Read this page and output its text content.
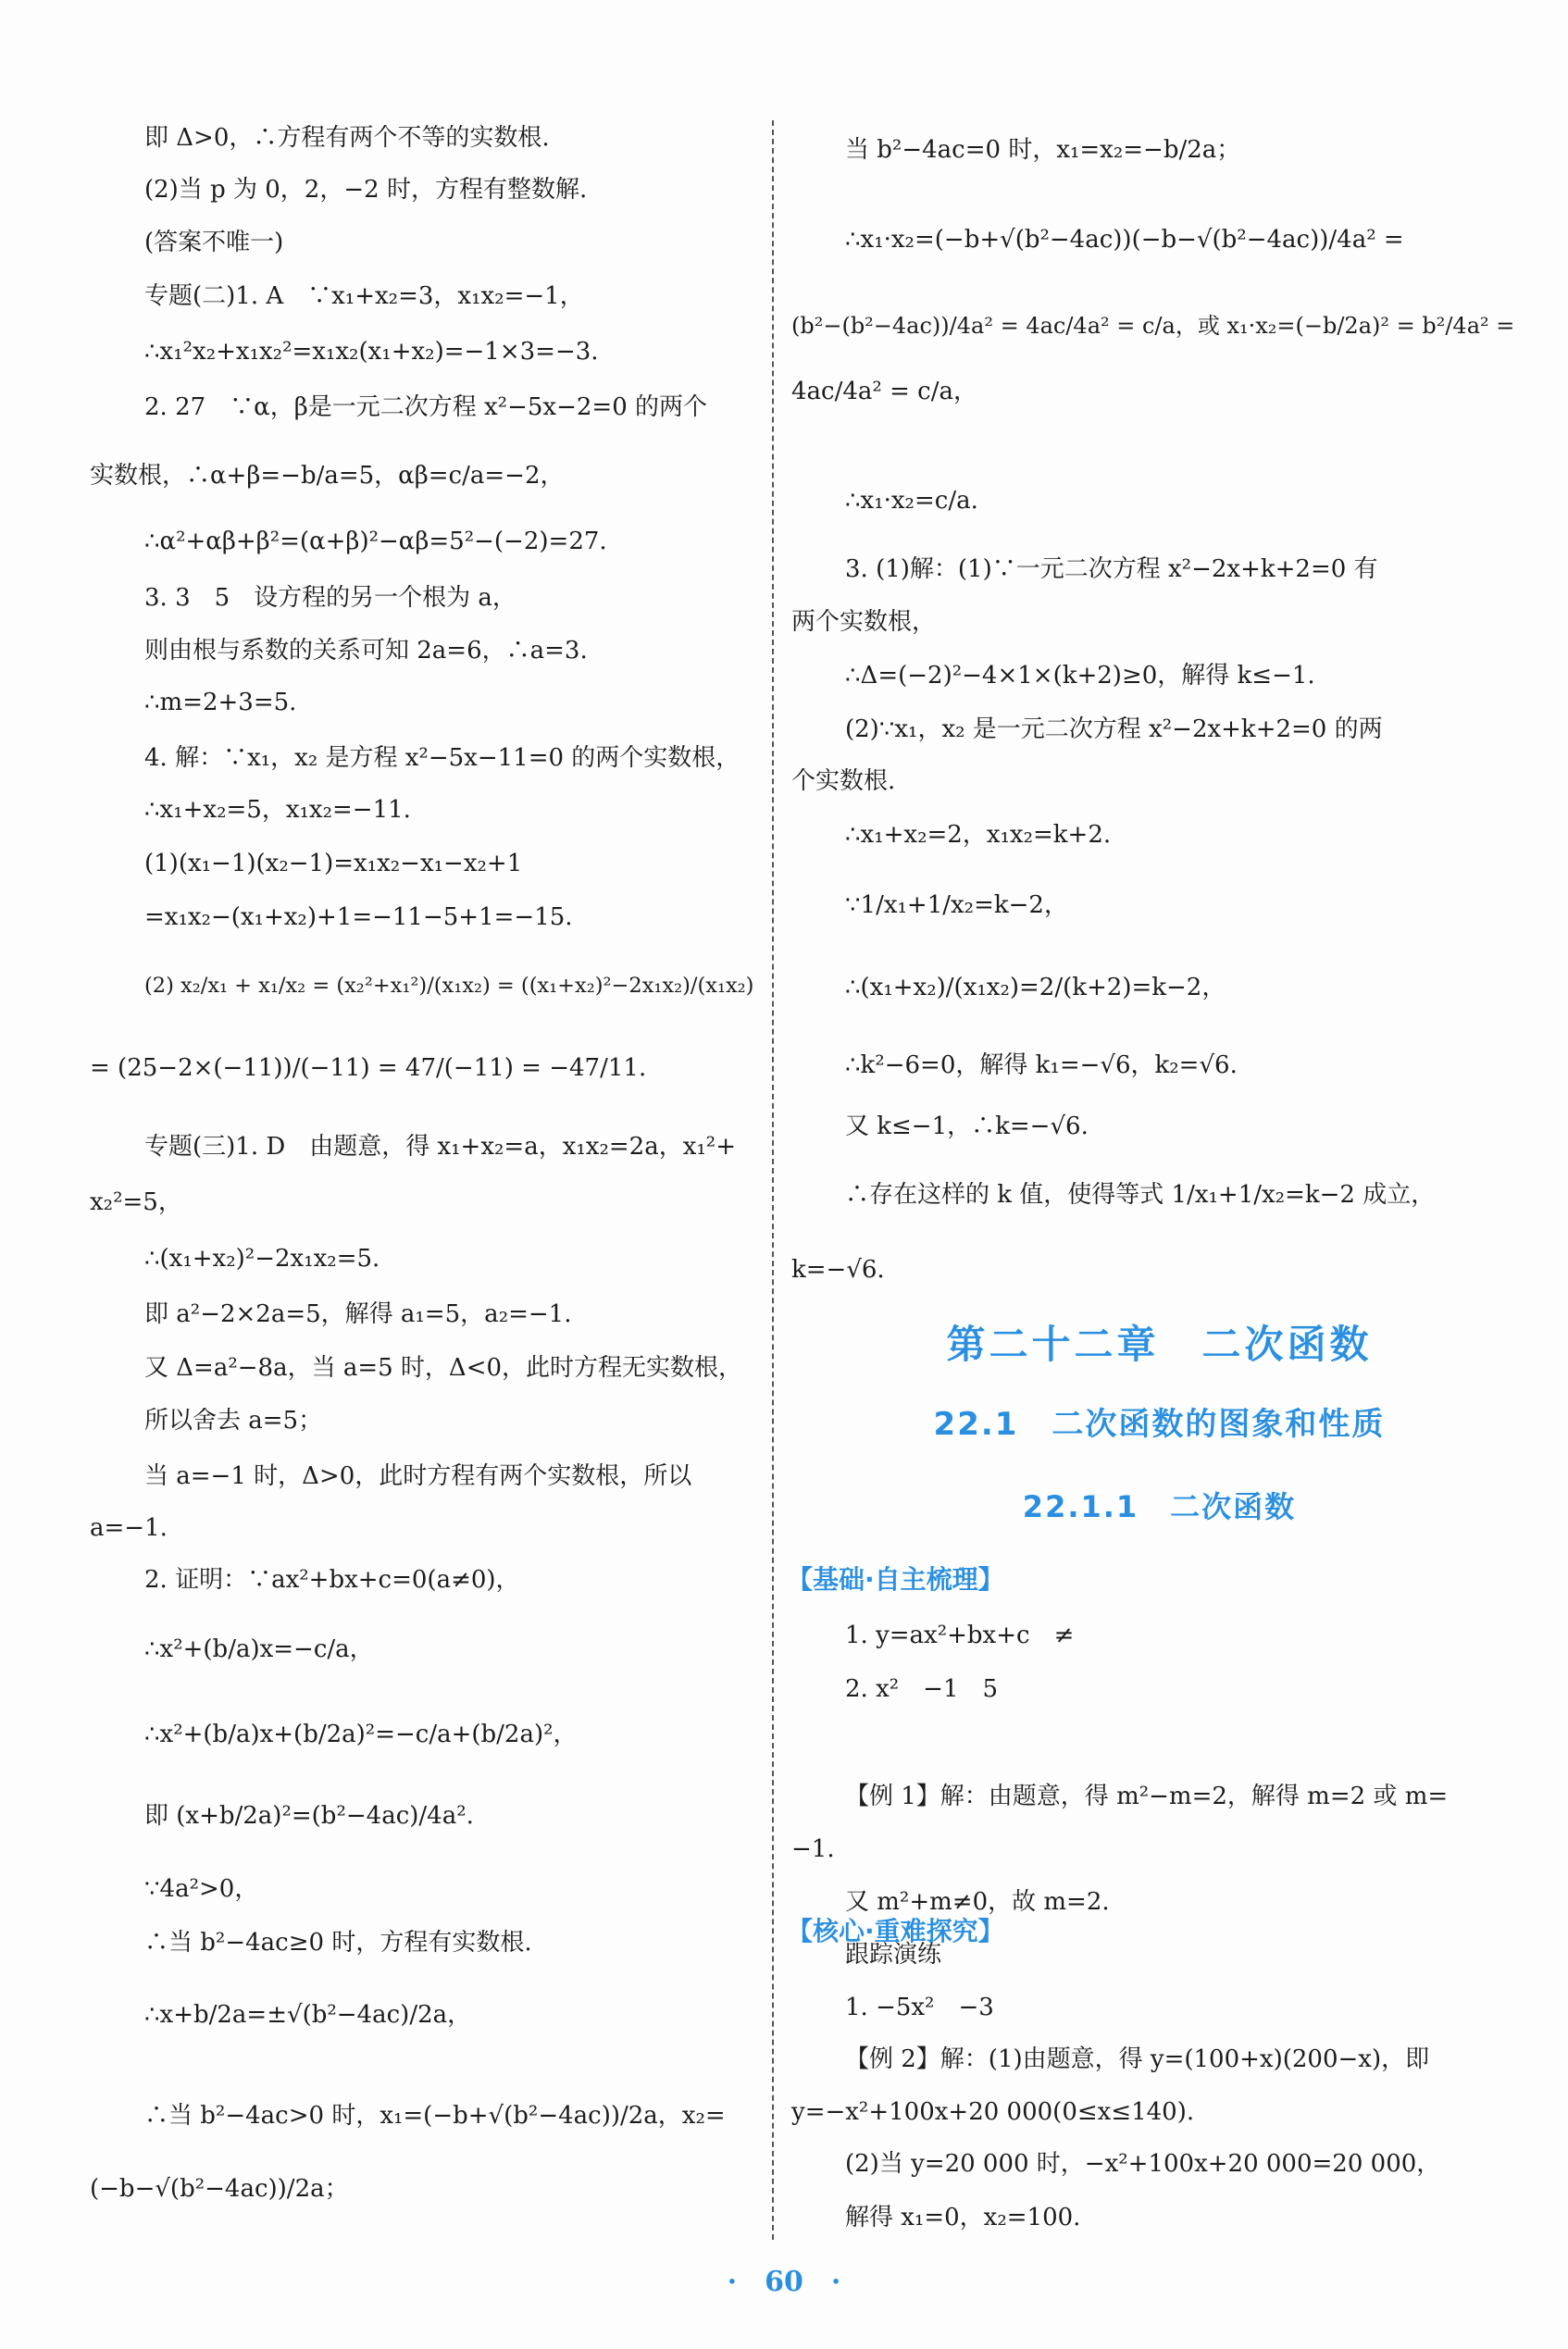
即 Δ>0，∴方程有两个不等的实数根.
(2)当 p 为 0，2，−2 时，方程有整数解.
(答案不唯一)
专题(二)1. A　∵x₁+x₂=3，x₁x₂=−1，
∴x₁²x₂+x₁x₂²=x₁x₂(x₁+x₂)=−1×3=−3.
2. 27　∵α，β是一元二次方程 x²−5x−2=0 的两个
实数根，∴α+β=−b/a=5，αβ=c/a=−2，
∴α²+αβ+β²=(α+β)²−αβ=5²−(−2)=27.
3. 3　5　设方程的另一个根为 a，
则由根与系数的关系可知 2a=6，∴a=3.
∴m=2+3=5.
4. 解：∵x₁，x₂ 是方程 x²−5x−11=0 的两个实数根，
∴x₁+x₂=5，x₁x₂=−11.
(1)(x₁−1)(x₂−1)=x₁x₂−x₁−x₂+1
=x₁x₂−(x₁+x₂)+1=−11−5+1=−15.
(2) x₂/x₁ + x₁/x₂ = (x₂²+x₁²)/(x₁x₂) = ((x₁+x₂)²−2x₁x₂)/(x₁x₂)
= (25−2×(−11))/(−11) = 47/(−11) = −47/11.
专题(三)1. D　由题意，得 x₁+x₂=a，x₁x₂=2a，x₁²+
x₂²=5，
∴(x₁+x₂)²−2x₁x₂=5.
即 a²−2×2a=5，解得 a₁=5，a₂=−1.
又 Δ=a²−8a，当 a=5 时，Δ<0，此时方程无实数根，
所以舍去 a=5；
当 a=−1 时，Δ>0，此时方程有两个实数根，所以
a=−1.
2. 证明：∵ax²+bx+c=0(a≠0)，
∴x²+(b/a)x=−c/a，
∴x²+(b/a)x+(b/2a)²=−c/a+(b/2a)²，
即 (x+b/2a)²=(b²−4ac)/4a².
∵4a²>0，
∴当 b²−4ac≥0 时，方程有实数根.
∴x+b/2a=±√(b²−4ac)/2a，
∴当 b²−4ac>0 时，x₁=(−b+√(b²−4ac))/2a，x₂=
(−b−√(b²−4ac))/2a；
当 b²−4ac=0 时，x₁=x₂=−b/2a；
∴x₁·x₂=(−b+√(b²−4ac))(−b−√(b²−4ac))/4a² =
(b²−(b²−4ac))/4a² = 4ac/4a² = c/a，或 x₁·x₂=(−b/2a)² = b²/4a² =
4ac/4a² = c/a，
∴x₁·x₂=c/a.
3. (1)解：(1)∵一元二次方程 x²−2x+k+2=0 有
两个实数根，
∴Δ=(−2)²−4×1×(k+2)≥0，解得 k≤−1.
(2)∵x₁，x₂ 是一元二次方程 x²−2x+k+2=0 的两
个实数根.
∴x₁+x₂=2，x₁x₂=k+2.
∵1/x₁+1/x₂=k−2，
∴(x₁+x₂)/(x₁x₂)=2/(k+2)=k−2，
∴k²−6=0，解得 k₁=−√6，k₂=√6.
又 k≤−1，∴k=−√6.
∴存在这样的 k 值，使得等式 1/x₁+1/x₂=k−2 成立，
k=−√6.
1. y=ax²+bx+c　≠
2. x²　−1　5
【例 1】解：由题意，得 m²−m=2，解得 m=2 或 m=
−1.
又 m²+m≠0，故 m=2.
跟踪演练
1. −5x²　−3
【例 2】解：(1)由题意，得 y=(100+x)(200−x)，即
y=−x²+100x+20 000(0≤x≤140).
(2)当 y=20 000 时，−x²+100x+20 000=20 000，
解得 x₁=0，x₂=100.
第二十二章　二次函数
22.1　二次函数的图象和性质
22.1.1　二次函数
【基础·自主梳理】
【核心·重难探究】
·　60　·
